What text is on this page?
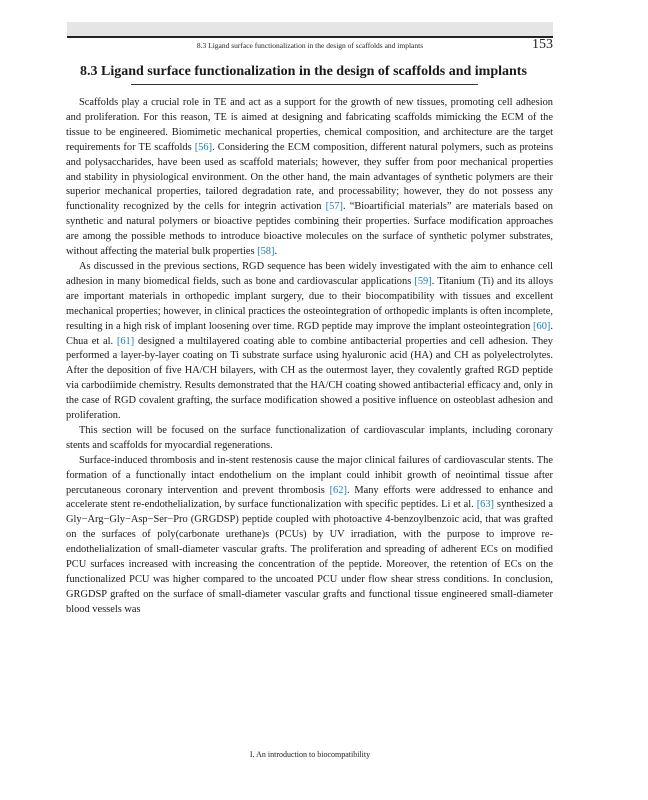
8.3 Ligand surface functionalization in the design of scaffolds and implants	153
8.3 Ligand surface functionalization in the design of scaffolds and implants

Scaffolds play a crucial role in TE and act as a support for the growth of new tissues, promoting cell adhesion and proliferation. For this reason, TE is aimed at designing and fabricating scaffolds mimicking the ECM of the tissue to be engineered. Biomimetic mechanical properties, chemical composition, and architecture are the target requirements for TE scaffolds [56]. Considering the ECM composition, different natural polymers, such as proteins and polysaccharides, have been used as scaffold materials; however, they suffer from poor mechanical properties and stability in physiological environment. On the other hand, the main advantages of synthetic polymers are their superior mechanical properties, tailored degradation rate, and processability; however, they do not possess any functionality recognized by the cells for integrin activation [57]. “Bioartificial materials” are materials based on synthetic and natural polymers or bioactive peptides combining their properties. Surface modification approaches are among the possible methods to introduce bioactive molecules on the surface of synthetic polymer substrates, without affecting the material bulk properties [58].

As discussed in the previous sections, RGD sequence has been widely investigated with the aim to enhance cell adhesion in many biomedical fields, such as bone and cardiovascular applications [59]. Titanium (Ti) and its alloys are important materials in orthopedic implant surgery, due to their biocompatibility with tissues and excellent mechanical properties; however, in clinical practices the osteointegration of orthopedic implants is often incomplete, resulting in a high risk of implant loosening over time. RGD peptide may improve the implant osteointegration [60]. Chua et al. [61] designed a multilayered coating able to combine antibacterial properties and cell adhesion. They performed a layer-by-layer coating on Ti substrate surface using hyaluronic acid (HA) and CH as polyelectrolytes. After the deposition of five HA/CH bilayers, with CH as the outermost layer, they covalently grafted RGD peptide via carbodiimide chemistry. Results demonstrated that the HA/CH coating showed antibacterial efficacy and, only in the case of RGD covalent grafting, the surface modification showed a positive influence on osteoblast adhesion and proliferation.

This section will be focused on the surface functionalization of cardiovascular implants, including coronary stents and scaffolds for myocardial regenerations.

Surface-induced thrombosis and in-stent restenosis cause the major clinical failures of cardiovascular stents. The formation of a functionally intact endothelium on the implant could inhibit growth of neointimal tissue after percutaneous coronary intervention and prevent thrombosis [62]. Many efforts were addressed to enhance and accelerate stent re-endothelialization, by surface functionalization with specific peptides. Li et al. [63] synthesized a Gly−Arg−Gly−Asp−Ser−Pro (GRGDSP) peptide coupled with photoactive 4-benzoylbenzoic acid, that was grafted on the surfaces of poly(carbonate urethane)s (PCUs) by UV irradiation, with the purpose to improve re-endothelialization of small-diameter vascular grafts. The proliferation and spreading of adherent ECs on modified PCU surfaces increased with increasing the concentration of the peptide. Moreover, the retention of ECs on the functionalized PCU was higher compared to the uncoated PCU under flow shear stress conditions. In conclusion, GRGDSP grafted on the surface of small-diameter vascular grafts and functional tissue engineered small-diameter blood vessels was

I. An introduction to biocompatibility
